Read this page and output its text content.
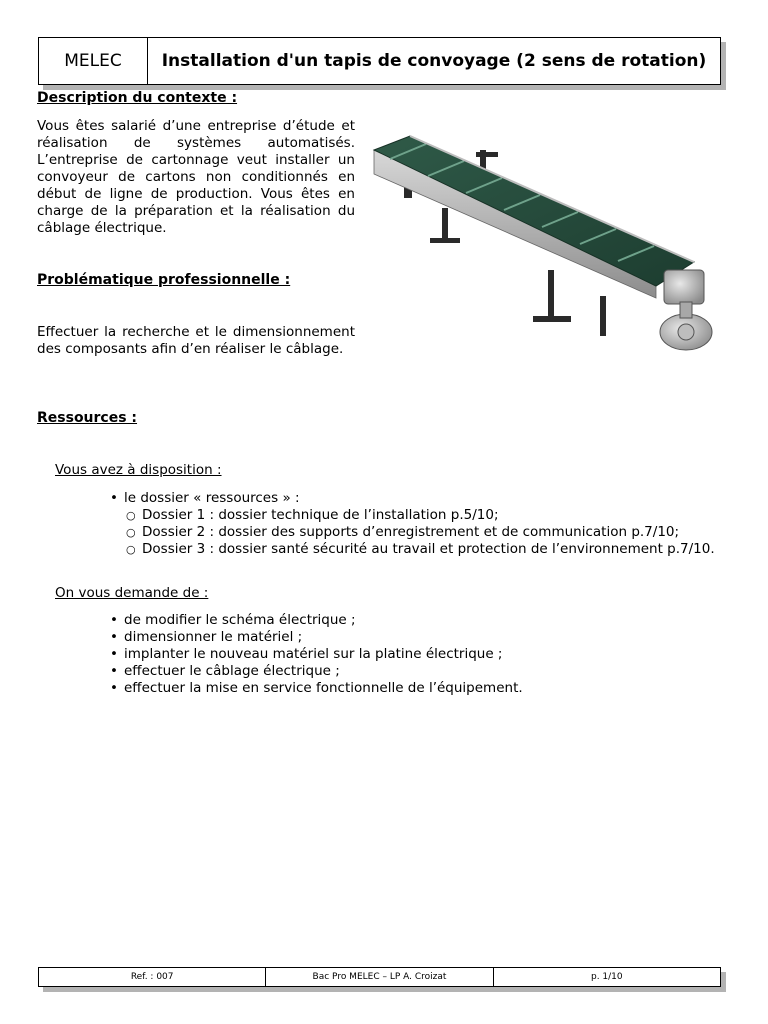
MELEC	Installation d'un tapis de convoyage (2 sens de rotation)
Description du contexte :

Vous êtes salarié d’une entreprise d’étude et réalisation de systèmes automatisés. L’entreprise de cartonnage veut installer un convoyeur de cartons non conditionnés en début de ligne de production. Vous êtes en charge de la préparation et la réalisation du câblage électrique.

Problématique professionnelle :

Effectuer la recherche et le dimensionnement des composants afin d’en réaliser le câblage.

Ressources :

Vous avez à disposition :

• le dossier « ressources » :
○ Dossier 1 : dossier technique de l’installation p.5/10;
○ Dossier 2 : dossier des supports d’enregistrement et de communication p.7/10;
○ Dossier 3 : dossier santé sécurité au travail et protection de l’environnement p.7/10.

On vous demande de :

• de modifier le schéma électrique ;
• dimensionner le matériel ;
• implanter le nouveau matériel sur la platine électrique ;
• effectuer le câblage électrique ;
• effectuer la mise en service fonctionnelle de l’équipement.
Ref. : 007	Bac Pro MELEC – LP A. Croizat	p. 1/10
